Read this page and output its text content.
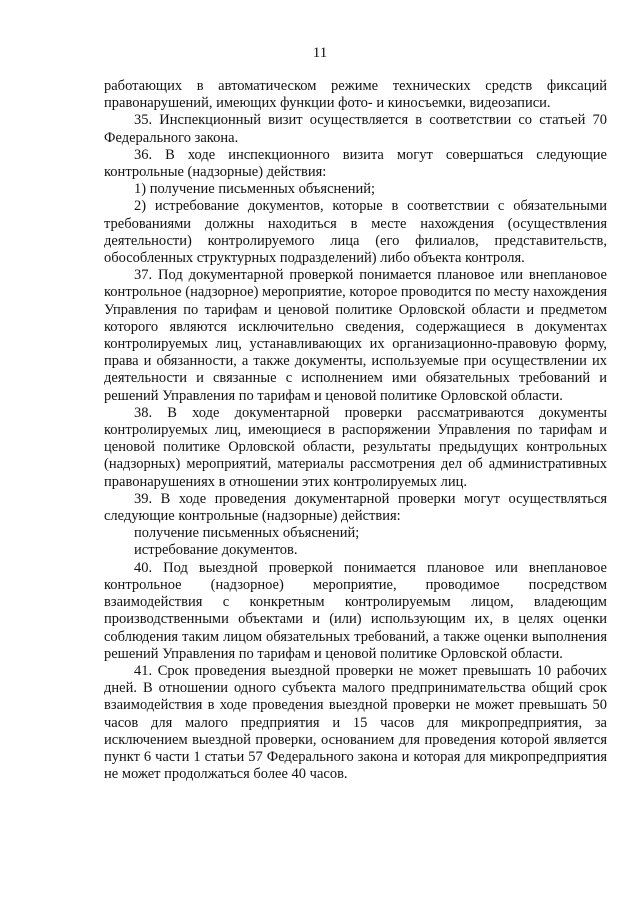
11

работающих в автоматическом режиме технических средств фиксаций правонарушений, имеющих функции фото- и киносъемки, видеозаписи.

35. Инспекционный визит осуществляется в соответствии со статьей 70 Федерального закона.

36. В ходе инспекционного визита могут совершаться следующие контрольные (надзорные) действия:

1) получение письменных объяснений;

2) истребование документов, которые в соответствии с обязательными требованиями должны находиться в месте нахождения (осуществления деятельности) контролируемого лица (его филиалов, представительств, обособленных структурных подразделений) либо объекта контроля.

37. Под документарной проверкой понимается плановое или внеплановое контрольное (надзорное) мероприятие, которое проводится по месту нахождения Управления по тарифам и ценовой политике Орловской области и предметом которого являются исключительно сведения, содержащиеся в документах контролируемых лиц, устанавливающих их организационно-правовую форму, права и обязанности, а также документы, используемые при осуществлении их деятельности и связанные с исполнением ими обязательных требований и решений Управления по тарифам и ценовой политике Орловской области.

38. В ходе документарной проверки рассматриваются документы контролируемых лиц, имеющиеся в распоряжении Управления по тарифам и ценовой политике Орловской области, результаты предыдущих контрольных (надзорных) мероприятий, материалы рассмотрения дел об административных правонарушениях в отношении этих контролируемых лиц.

39. В ходе проведения документарной проверки могут осуществляться следующие контрольные (надзорные) действия:

получение письменных объяснений;

истребование документов.

40. Под выездной проверкой понимается плановое или внеплановое контрольное (надзорное) мероприятие, проводимое посредством взаимодействия с конкретным контролируемым лицом, владеющим производственными объектами и (или) использующим их, в целях оценки соблюдения таким лицом обязательных требований, а также оценки выполнения решений Управления по тарифам и ценовой политике Орловской области.

41. Срок проведения выездной проверки не может превышать 10 рабочих дней. В отношении одного субъекта малого предпринимательства общий срок взаимодействия в ходе проведения выездной проверки не может превышать 50 часов для малого предприятия и 15 часов для микропредприятия, за исключением выездной проверки, основанием для проведения которой является пункт 6 части 1 статьи 57 Федерального закона и которая для микропредприятия не может продолжаться более 40 часов.
